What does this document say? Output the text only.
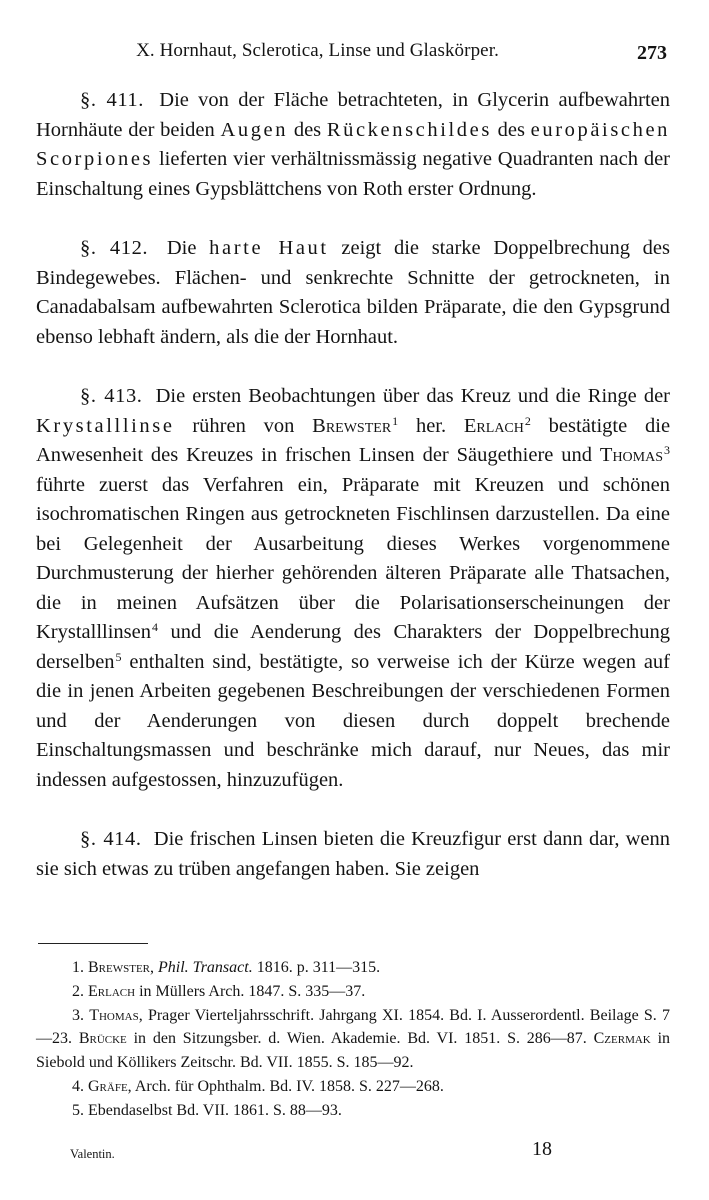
X. Hornhaut, Sclerotica, Linse und Glaskörper.	273

§. 411. Die von der Fläche betrachteten, in Glycerin aufbewahrten Hornhäute der beiden Augen des Rückenschildes des europäischen Scorpiones lieferten vier verhältnissmässig negative Quadranten nach der Einschaltung eines Gypsblättchens von Roth erster Ordnung.

§. 412. Die harte Haut zeigt die starke Doppelbrechung des Bindegewebes. Flächen- und senkrechte Schnitte der getrockneten, in Canadabalsam aufbewahrten Sclerotica bilden Präparate, die den Gypsgrund ebenso lebhaft ändern, als die der Hornhaut.

§. 413. Die ersten Beobachtungen über das Kreuz und die Ringe der Krystalllinse rühren von Brewster$^1$ her. Erlach$^2$ bestätigte die Anwesenheit des Kreuzes in frischen Linsen der Säugethiere und Thomas$^3$ führte zuerst das Verfahren ein, Präparate mit Kreuzen und schönen isochromatischen Ringen aus getrockneten Fischlinsen darzustellen. Da eine bei Gelegenheit der Ausarbeitung dieses Werkes vorgenommene Durchmusterung der hierher gehörenden älteren Präparate alle Thatsachen, die in meinen Aufsätzen über die Polarisationserscheinungen der Krystalllinsen$^4$ und die Aenderung des Charakters der Doppelbrechung derselben$^5$ enthalten sind, bestätigte, so verweise ich der Kürze wegen auf die in jenen Arbeiten gegebenen Beschreibungen der verschiedenen Formen und der Aenderungen von diesen durch doppelt brechende Einschaltungsmassen und beschränke mich darauf, nur Neues, das mir indessen aufgestossen, hinzuzufügen.

§. 414. Die frischen Linsen bieten die Kreuzfigur erst dann dar, wenn sie sich etwas zu trüben angefangen haben. Sie zeigen

1. Brewster, Phil. Transact. 1816. p. 311—315.
2. Erlach in Müllers Arch. 1847. S. 335—37.
3. Thomas, Prager Vierteljahrsschrift. Jahrgang XI. 1854. Bd. I. Ausserordentl. Beilage S. 7—23. Brücke in den Sitzungsber. d. Wien. Akademie. Bd. VI. 1851. S. 286—87. Czermak in Siebold und Köllikers Zeitschr. Bd. VII. 1855. S. 185—92.
4. Gräfe, Arch. für Ophthalm. Bd. IV. 1858. S. 227—268.
5. Ebendaselbst Bd. VII. 1861. S. 88—93.
Valentin.	18
